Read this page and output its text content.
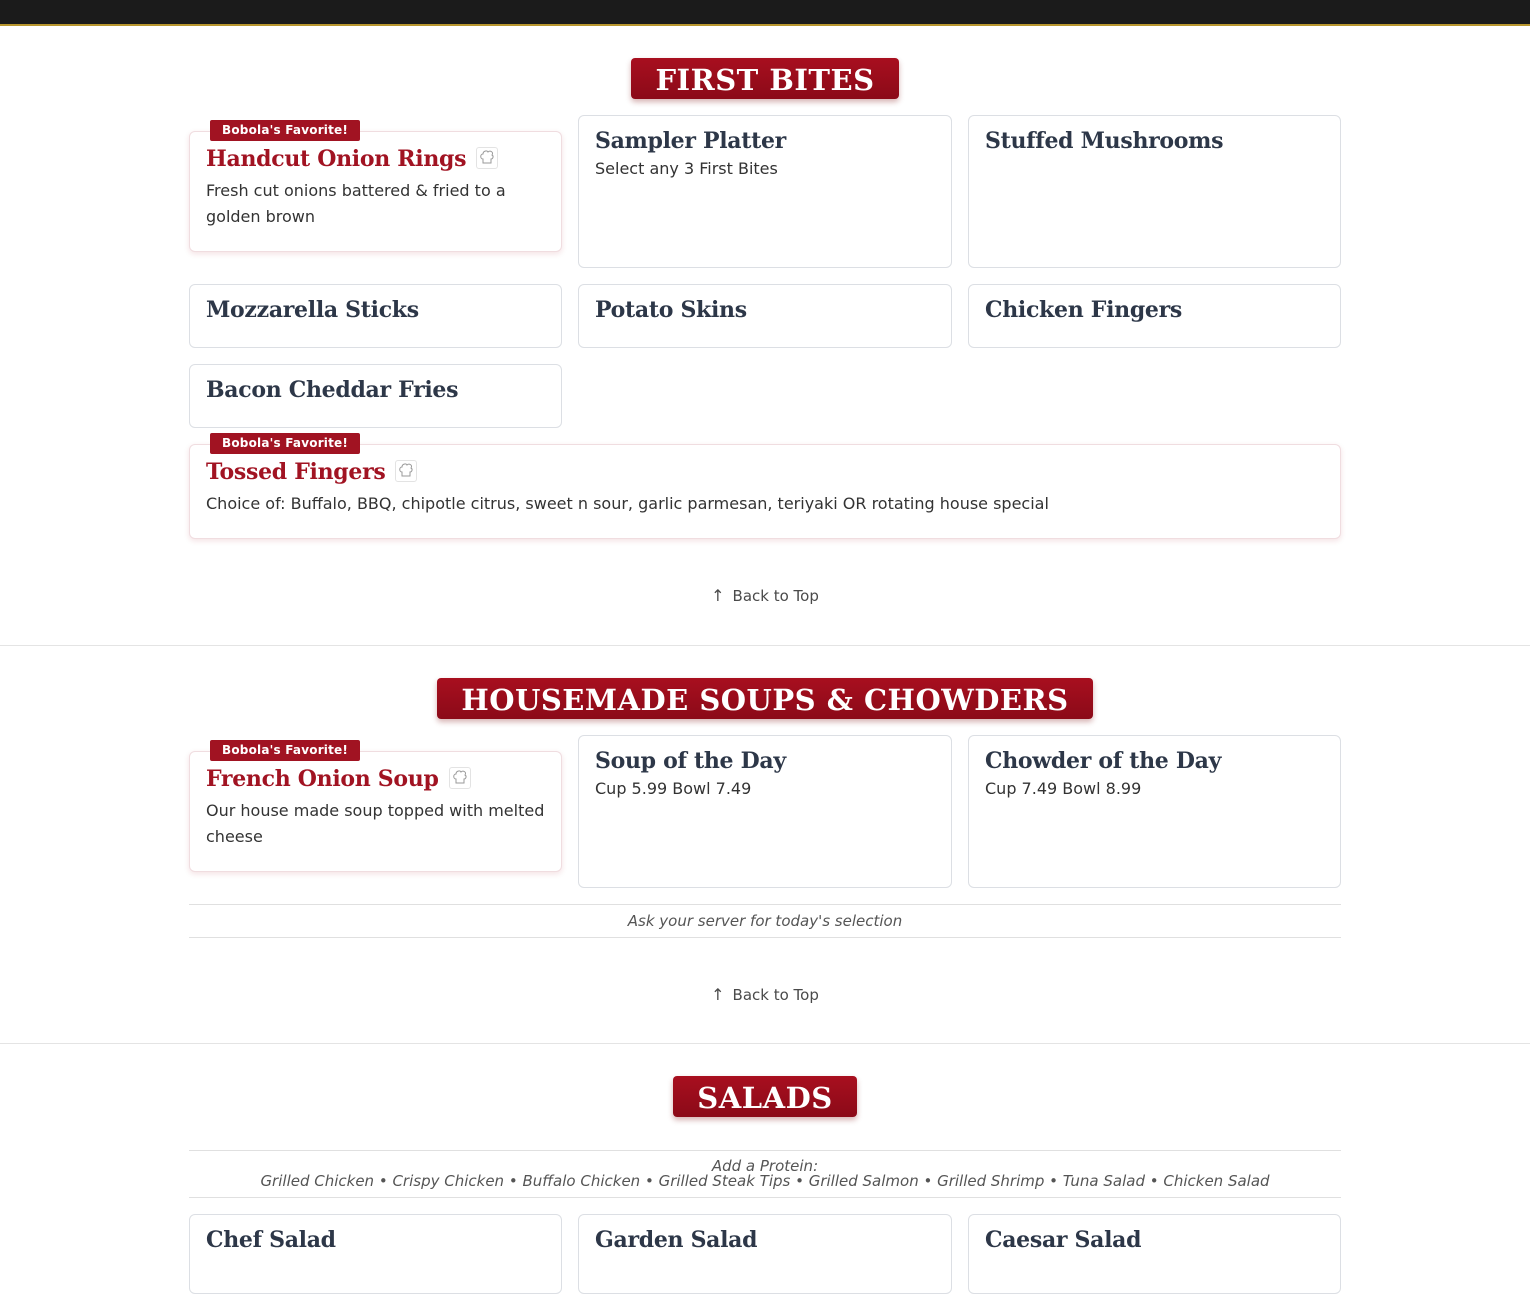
FIRST BITES
Bobola's Favorite!
Handcut Onion Rings

Fresh cut onions battered & fried to a golden brown

Sampler Platter

Select any 3 First Bites

Stuffed Mushrooms
Mozzarella Sticks	Potato Skins	Chicken Fingers
Bacon Cheddar Fries
Bobola's Favorite!
Tossed Fingers

Choice of: Buffalo, BBQ, chipotle citrus, sweet n sour, garlic parmesan, teriyaki OR rotating house special

↑ Back to Top
HOUSEMADE SOUPS & CHOWDERS
Bobola's Favorite!
French Onion Soup

Our house made soup topped with melted cheese

Soup of the Day

Cup 5.99 Bowl 7.49

Chowder of the Day

Cup 7.49 Bowl 8.99

Ask your server for today's selection
↑ Back to Top
SALADS
Add a Protein:
Grilled Chicken • Crispy Chicken • Buffalo Chicken • Grilled Steak Tips • Grilled Salmon • Grilled Shrimp • Tuna Salad • Chicken Salad
Chef Salad	Garden Salad	Caesar Salad
